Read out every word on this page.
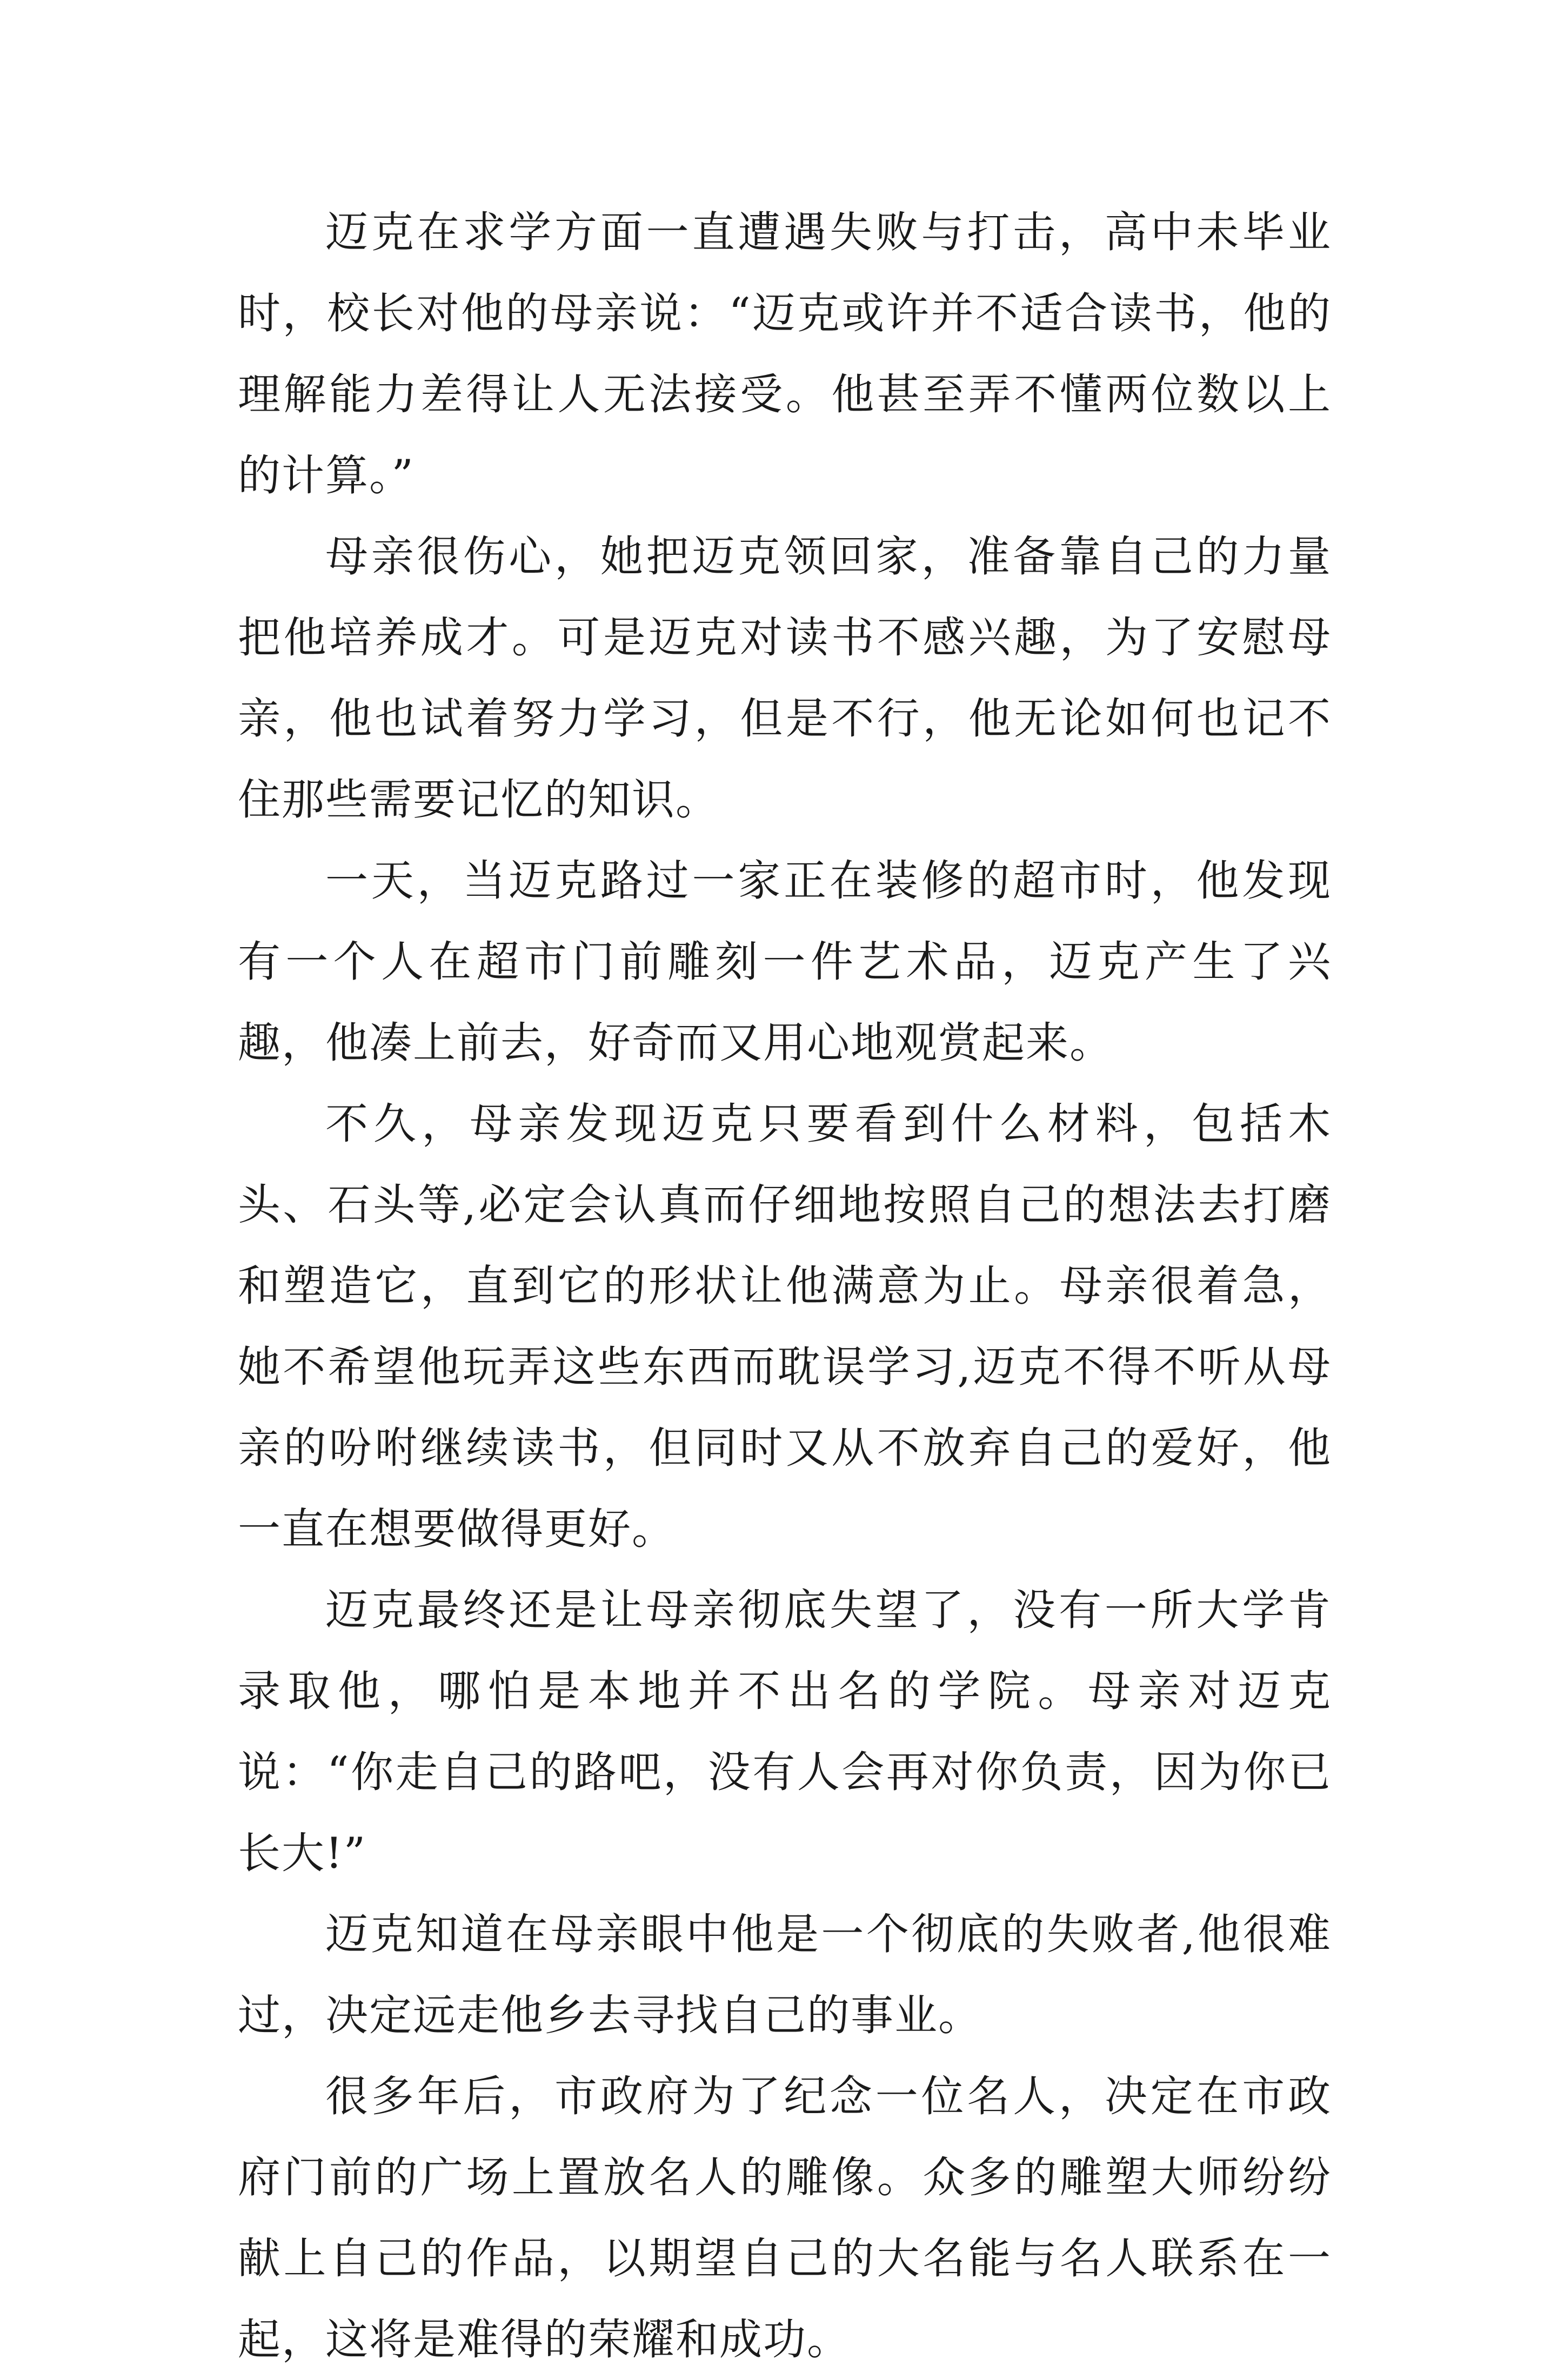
迈克在求学方面一直遭遇失败与打击，高中未毕业时，校长对他的母亲说：“迈克或许并不适合读书，他的理解能力差得让人无法接受。他甚至弄不懂两位数以上的计算。”

母亲很伤心，她把迈克领回家，准备靠自己的力量把他培养成才。可是迈克对读书不感兴趣，为了安慰母亲，他也试着努力学习，但是不行，他无论如何也记不住那些需要记忆的知识。

一天，当迈克路过一家正在装修的超市时，他发现有一个人在超市门前雕刻一件艺术品，迈克产生了兴趣，他凑上前去，好奇而又用心地观赏起来。

不久，母亲发现迈克只要看到什么材料，包括木头、石头等,必定会认真而仔细地按照自己的想法去打磨和塑造它，直到它的形状让他满意为止。母亲很着急，她不希望他玩弄这些东西而耽误学习,迈克不得不听从母亲的吩咐继续读书，但同时又从不放弃自己的爱好，他一直在想要做得更好。

迈克最终还是让母亲彻底失望了，没有一所大学肯录取他，哪怕是本地并不出名的学院。母亲对迈克说：“你走自己的路吧，没有人会再对你负责，因为你已长大!”

迈克知道在母亲眼中他是一个彻底的失败者,他很难过，决定远走他乡去寻找自己的事业。

很多年后，市政府为了纪念一位名人，决定在市政府门前的广场上置放名人的雕像。众多的雕塑大师纷纷献上自己的作品，以期望自己的大名能与名人联系在一起，这将是难得的荣耀和成功。
